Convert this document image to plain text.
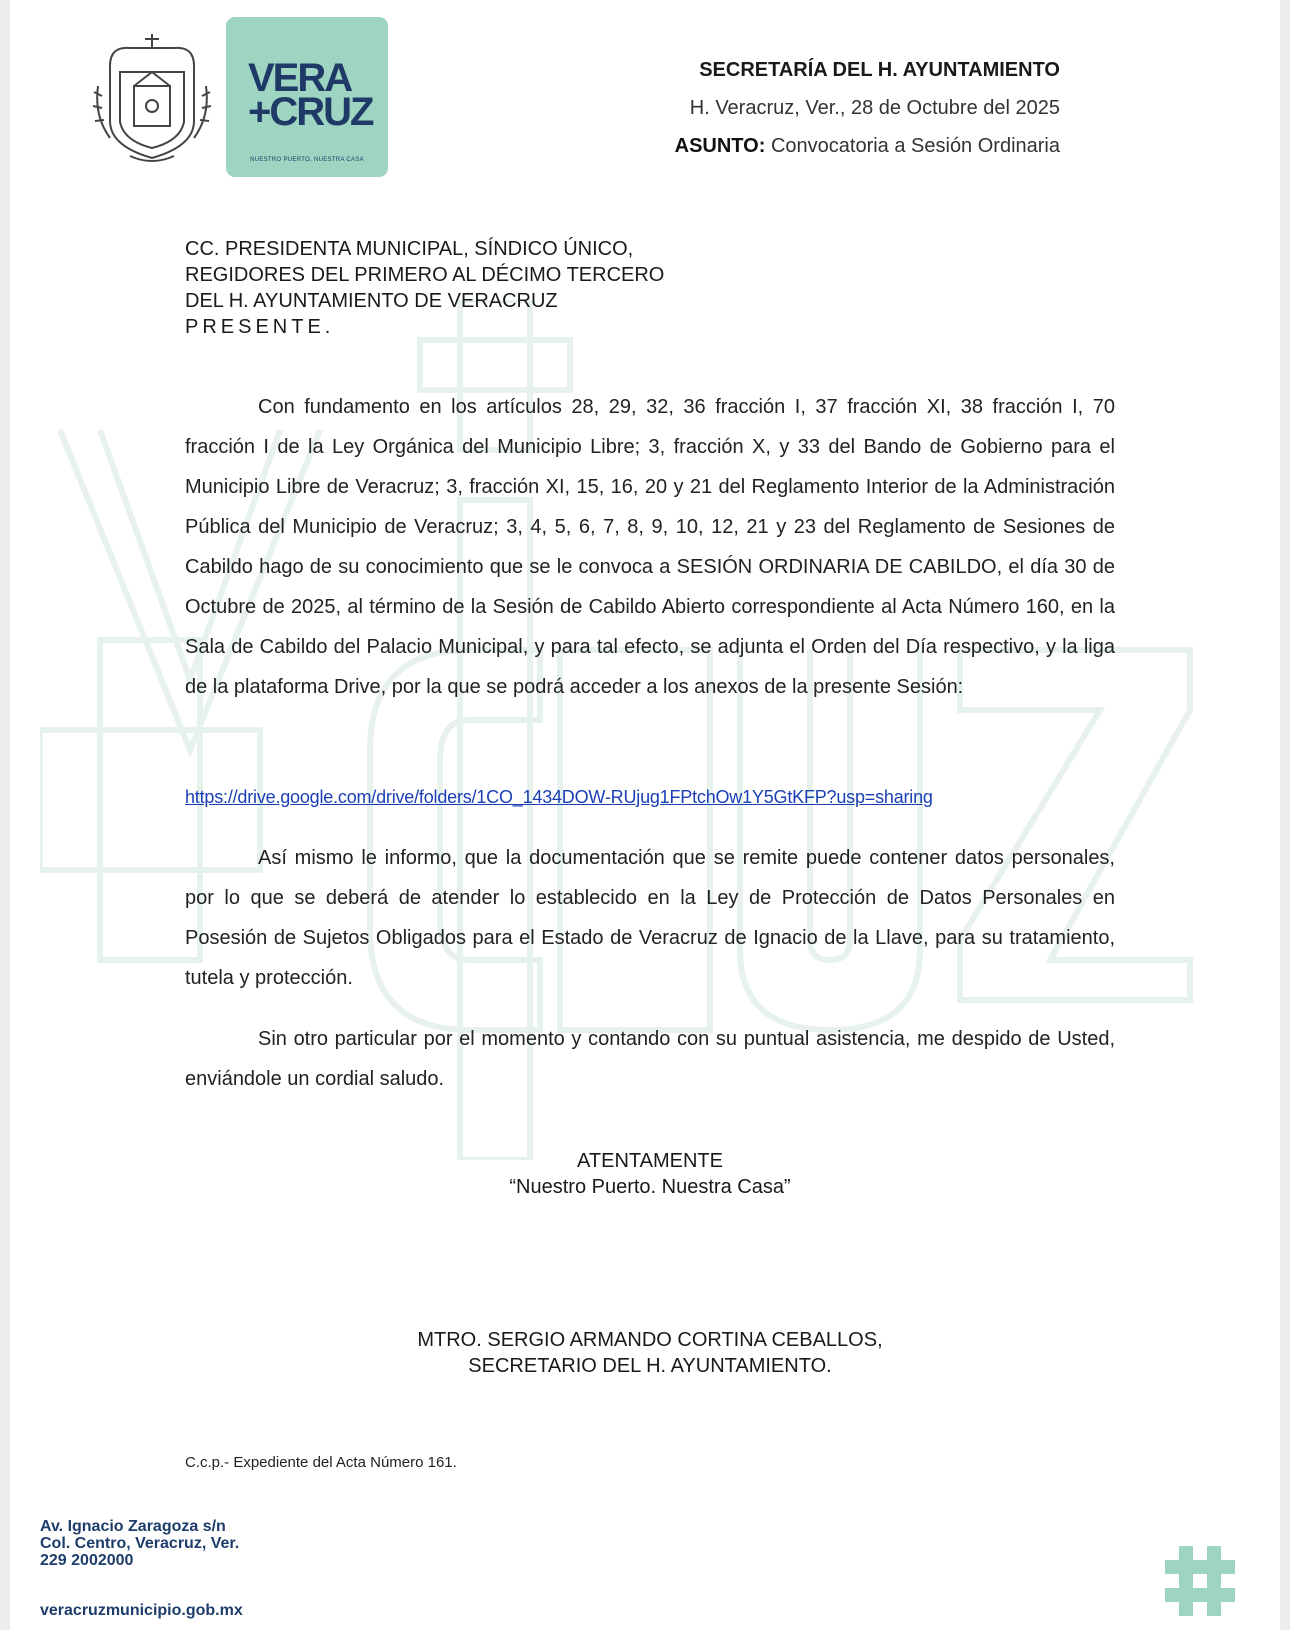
VERA
+CRUZ
NUESTRO PUERTO, NUESTRA CASA
SECRETARÍA DEL H. AYUNTAMIENTO
H. Veracruz, Ver., 28 de Octubre del 2025
ASUNTO: Convocatoria a Sesión Ordinaria
CC. PRESIDENTA MUNICIPAL, SÍNDICO ÚNICO,
REGIDORES DEL PRIMERO AL DÉCIMO TERCERO
DEL H. AYUNTAMIENTO DE VERACRUZ
PRESENTE.
Con fundamento en los artículos 28, 29, 32, 36 fracción I, 37 fracción XI, 38 fracción I, 70 fracción I de la Ley Orgánica del Municipio Libre; 3, fracción X, y 33 del Bando de Gobierno para el Municipio Libre de Veracruz; 3, fracción XI, 15, 16, 20 y 21 del Reglamento Interior de la Administración Pública del Municipio de Veracruz; 3, 4, 5, 6, 7, 8, 9, 10, 12, 21 y 23 del Reglamento de Sesiones de Cabildo hago de su conocimiento que se le convoca a SESIÓN ORDINARIA DE CABILDO, el día 30 de Octubre de 2025, al término de la Sesión de Cabildo Abierto correspondiente al Acta Número 160, en la Sala de Cabildo del Palacio Municipal, y para tal efecto, se adjunta el Orden del Día respectivo, y la liga de la plataforma Drive, por la que se podrá acceder a los anexos de la presente Sesión:
https://drive.google.com/drive/folders/1CO_1434DOW-RUjug1FPtchOw1Y5GtKFP?usp=sharing
Así mismo le informo, que la documentación que se remite puede contener datos personales, por lo que se deberá de atender lo establecido en la Ley de Protección de Datos Personales en Posesión de Sujetos Obligados para el Estado de Veracruz de Ignacio de la Llave, para su tratamiento, tutela y protección.
Sin otro particular por el momento y contando con su puntual asistencia, me despido de Usted, enviándole un cordial saludo.
ATENTAMENTE
“Nuestro Puerto. Nuestra Casa”
MTRO. SERGIO ARMANDO CORTINA CEBALLOS,
SECRETARIO DEL H. AYUNTAMIENTO.
C.c.p.- Expediente del Acta Número 161.
Av. Ignacio Zaragoza s/n
Col. Centro, Veracruz, Ver.
229 2002000
veracruzmunicipio.gob.mx
